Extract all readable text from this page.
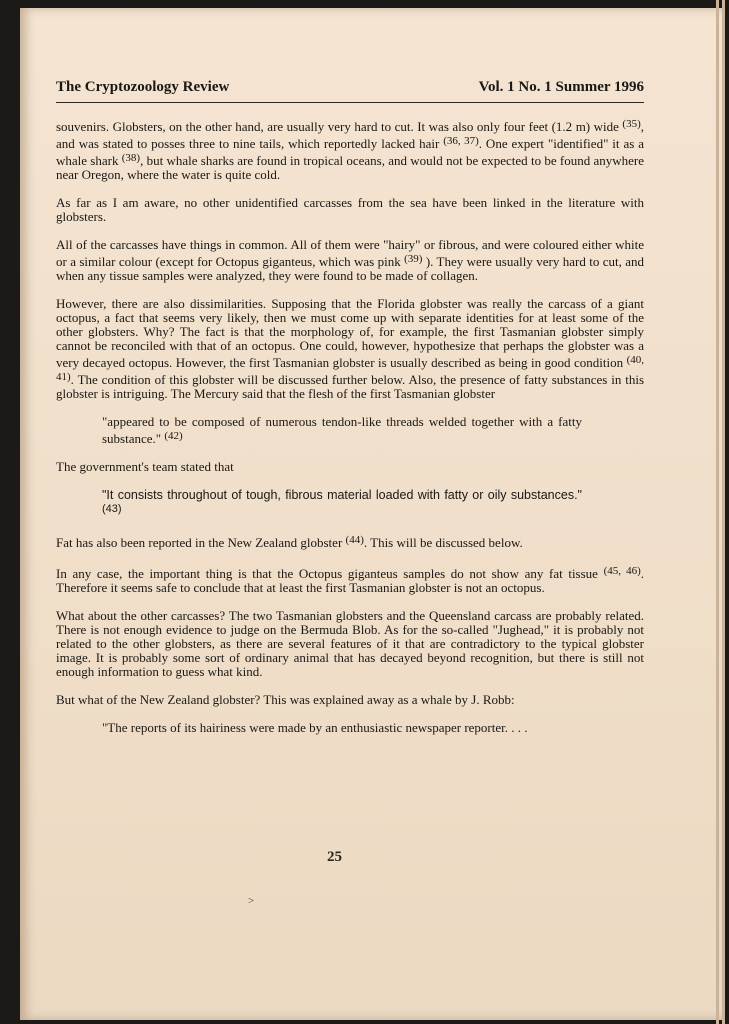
The Cryptozoology Review	Vol. 1 No. 1 Summer 1996

souvenirs. Globsters, on the other hand, are usually very hard to cut. It was also only four feet (1.2 m) wide $^{(35)}$, and was stated to posses three to nine tails, which reportedly lacked hair $^{(36, 37)}$. One expert "identified" it as a whale shark $^{(38)}$, but whale sharks are found in tropical oceans, and would not be expected to be found anywhere near Oregon, where the water is quite cold.

As far as I am aware, no other unidentified carcasses from the sea have been linked in the literature with globsters.

All of the carcasses have things in common. All of them were "hairy" or fibrous, and were coloured either white or a similar colour (except for Octopus giganteus, which was pink $^{(39)}$ ). They were usually very hard to cut, and when any tissue samples were analyzed, they were found to be made of collagen.

However, there are also dissimilarities. Supposing that the Florida globster was really the carcass of a giant octopus, a fact that seems very likely, then we must come up with separate identities for at least some of the other globsters. Why? The fact is that the morphology of, for example, the first Tasmanian globster simply cannot be reconciled with that of an octopus. One could, however, hypothesize that perhaps the globster was a very decayed octopus. However, the first Tasmanian globster is usually described as being in good condition $^{(40, 41)}$. The condition of this globster will be discussed further below. Also, the presence of fatty substances in this globster is intriguing. The Mercury said that the flesh of the first Tasmanian globster

"appeared to be composed of numerous tendon-like threads welded together with a fatty substance." $^{(42)}$

The government's team stated that

"It consists throughout of tough, fibrous material loaded with fatty or oily substances." (43)

Fat has also been reported in the New Zealand globster $^{(44)}$. This will be discussed below.

In any case, the important thing is that the Octopus giganteus samples do not show any fat tissue $^{(45, 46)}$. Therefore it seems safe to conclude that at least the first Tasmanian globster is not an octopus.

What about the other carcasses? The two Tasmanian globsters and the Queensland carcass are probably related. There is not enough evidence to judge on the Bermuda Blob. As for the so-called "Jughead," it is probably not related to the other globsters, as there are several features of it that are contradictory to the typical globster image. It is probably some sort of ordinary animal that has decayed beyond recognition, but there is still not enough information to guess what kind.

But what of the New Zealand globster? This was explained away as a whale by J. Robb:

"The reports of its hairiness were made by an enthusiastic newspaper reporter. . . .

25
>
